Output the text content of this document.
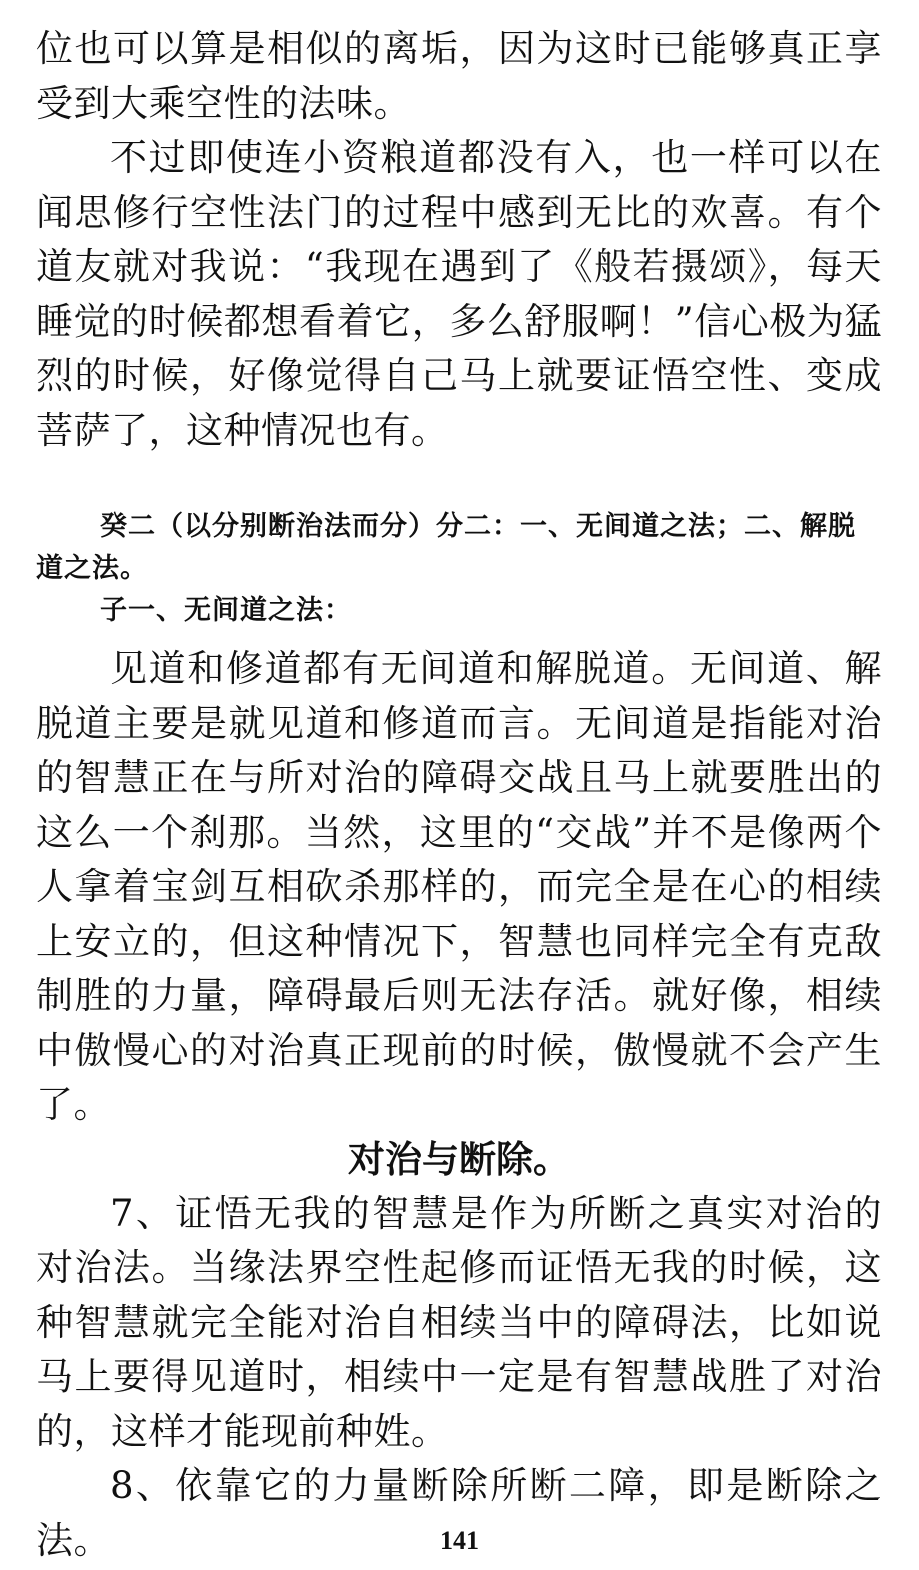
位也可以算是相似的离垢，因为这时已能够真正享受到大乘空性的法味。

不过即使连小资粮道都没有入，也一样可以在闻思修行空性法门的过程中感到无比的欢喜。有个道友就对我说：“我现在遇到了《般若摄颂》，每天睡觉的时候都想看着它，多么舒服啊！”信心极为猛烈的时候，好像觉得自己马上就要证悟空性、变成菩萨了，这种情况也有。

癸二（以分别断治法而分）分二：一、无间道之法；二、解脱道之法。

子一、无间道之法：

见道和修道都有无间道和解脱道。无间道、解脱道主要是就见道和修道而言。无间道是指能对治的智慧正在与所对治的障碍交战且马上就要胜出的这么一个刹那。当然，这里的“交战”并不是像两个人拿着宝剑互相砍杀那样的，而完全是在心的相续上安立的，但这种情况下，智慧也同样完全有克敌制胜的力量，障碍最后则无法存活。就好像，相续中傲慢心的对治真正现前的时候，傲慢就不会产生了。

对治与断除。

7、证悟无我的智慧是作为所断之真实对治的对治法。当缘法界空性起修而证悟无我的时候，这种智慧就完全能对治自相续当中的障碍法，比如说马上要得见道时，相续中一定是有智慧战胜了对治的，这样才能现前种姓。

8、依靠它的力量断除所断二障，即是断除之法。	141
